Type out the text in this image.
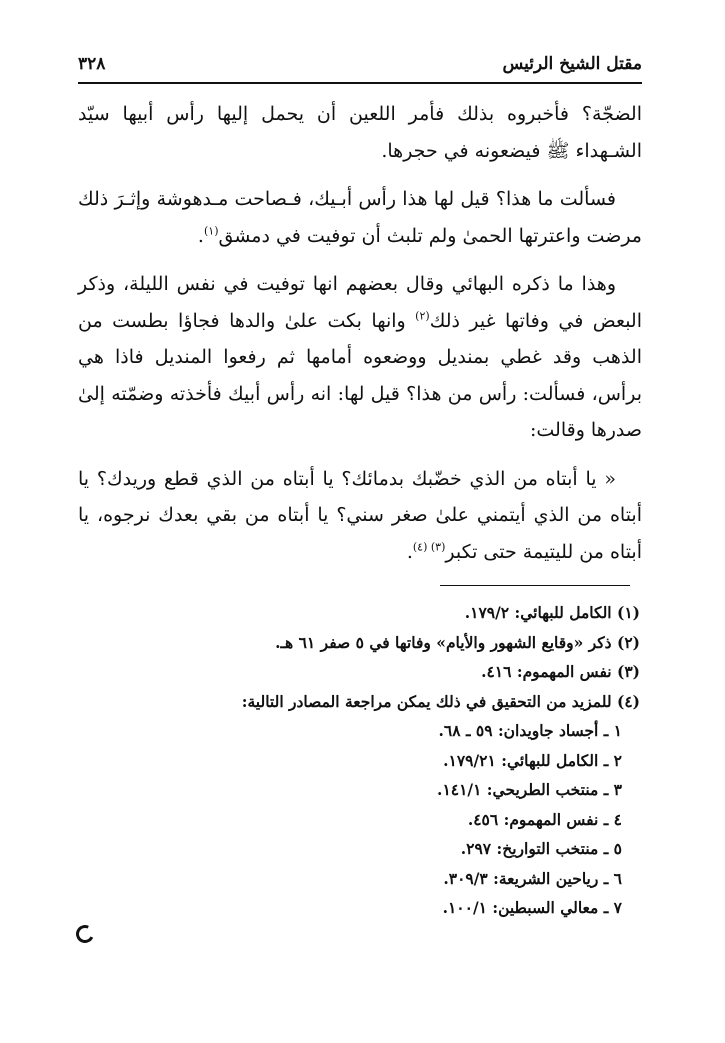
مقتل الشيخ الرئيس
٣٢٨

الضجّة؟ فأخبروه بذلك فأمر اللعين أن يحمل إليها رأس أبيها سيّد الشـهداء ﷺ فيضعونه في حجرها.

فسألت ما هذا؟ قيل لها هذا رأس أبـيك، فـصاحت مـدهوشة وإثـرَ ذلك مرضت واعترتها الحمىٰ ولم تلبث أن توفيت في دمشق$^{(١)}$.

وهذا ما ذكره البهائي وقال بعضهم انها توفيت في نفس الليلة، وذكر البعض في وفاتها غير ذلك$^{(٢)}$ وانها بكت علىٰ والدها فجاؤا بطست من الذهب وقد غطي بمنديل ووضعوه أمامها ثم رفعوا المنديل فاذا هي برأس، فسألت: رأس من هذا؟ قيل لها: انه رأس أبيك فأخذته وضمّته إلىٰ صدرها وقالت:

« يا أبتاه من الذي خضّبك بدمائك؟ يا أبتاه من الذي قطع وريدك؟ يا أبتاه من الذي أيتمني علىٰ صغر سني؟ يا أبتاه من بقي بعدك نرجوه، يا أبتاه من لليتيمة حتى تكبر$^{(٣) (٤)}$.

(١) الكامل للبهائي: ١٧٩/٢.

(٢) ذكر «وقايع الشهور والأيام» وفاتها في ٥ صفر ٦١ هـ.

(٣) نفس المهموم: ٤١٦.

(٤) للمزيد من التحقيق في ذلك يمكن مراجعة المصادر التالية:

١ ـ أجساد جاويدان: ٥٩ ـ ٦٨.

٢ ـ الكامل للبهائي: ١٧٩/٢١.

٣ ـ منتخب الطريحي: ١٤١/١.

٤ ـ نفس المهموم: ٤٥٦.

٥ ـ منتخب التواريخ: ٢٩٧.

٦ ـ رياحين الشريعة: ٣٠٩/٣.

٧ ـ معالي السبطين: ١٠٠/١.
